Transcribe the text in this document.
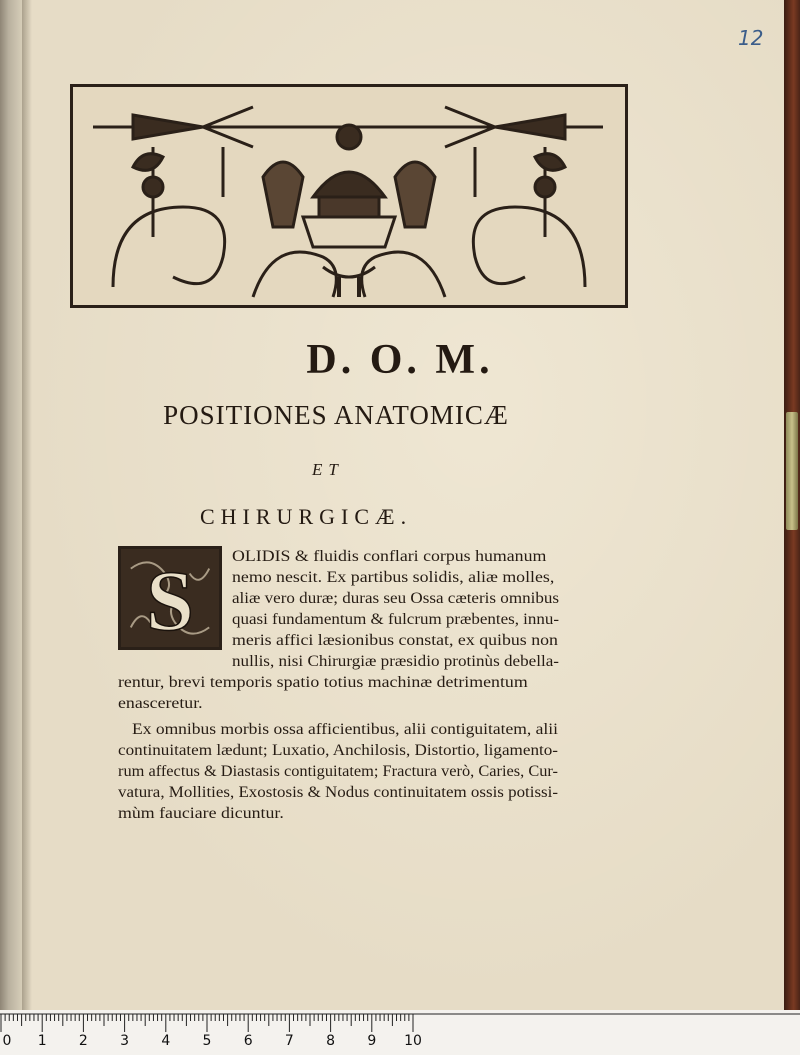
12
D. O. M.
POSITIONES ANATOMICÆ
ET
CHIRURGICÆ.
S OLIDIS & fluidis conflari corpus humanum
nemo nescit. Ex partibus solidis, aliæ molles,
aliæ vero duræ; duras seu Ossa cæteris omnibus
quasi fundamentum & fulcrum præbentes, innu-
meris affici læsionibus constat, ex quibus non
nullis, nisi Chirurgiæ præsidio protinùs debella-
rentur, brevi temporis spatio totius machinæ detrimentum
enasceretur.
Ex omnibus morbis ossa afficientibus, alii contiguitatem, alii
continuitatem lædunt; Luxatio, Anchilosis, Distortio, ligamento-
rum affectus & Diastasis contiguitatem; Fractura verò, Caries, Cur-
vatura, Mollities, Exostosis & Nodus continuitatem ossis potissi-
mùm fauciare dicuntur.
0 1 2 3 4 5 6 7 8 9 10
